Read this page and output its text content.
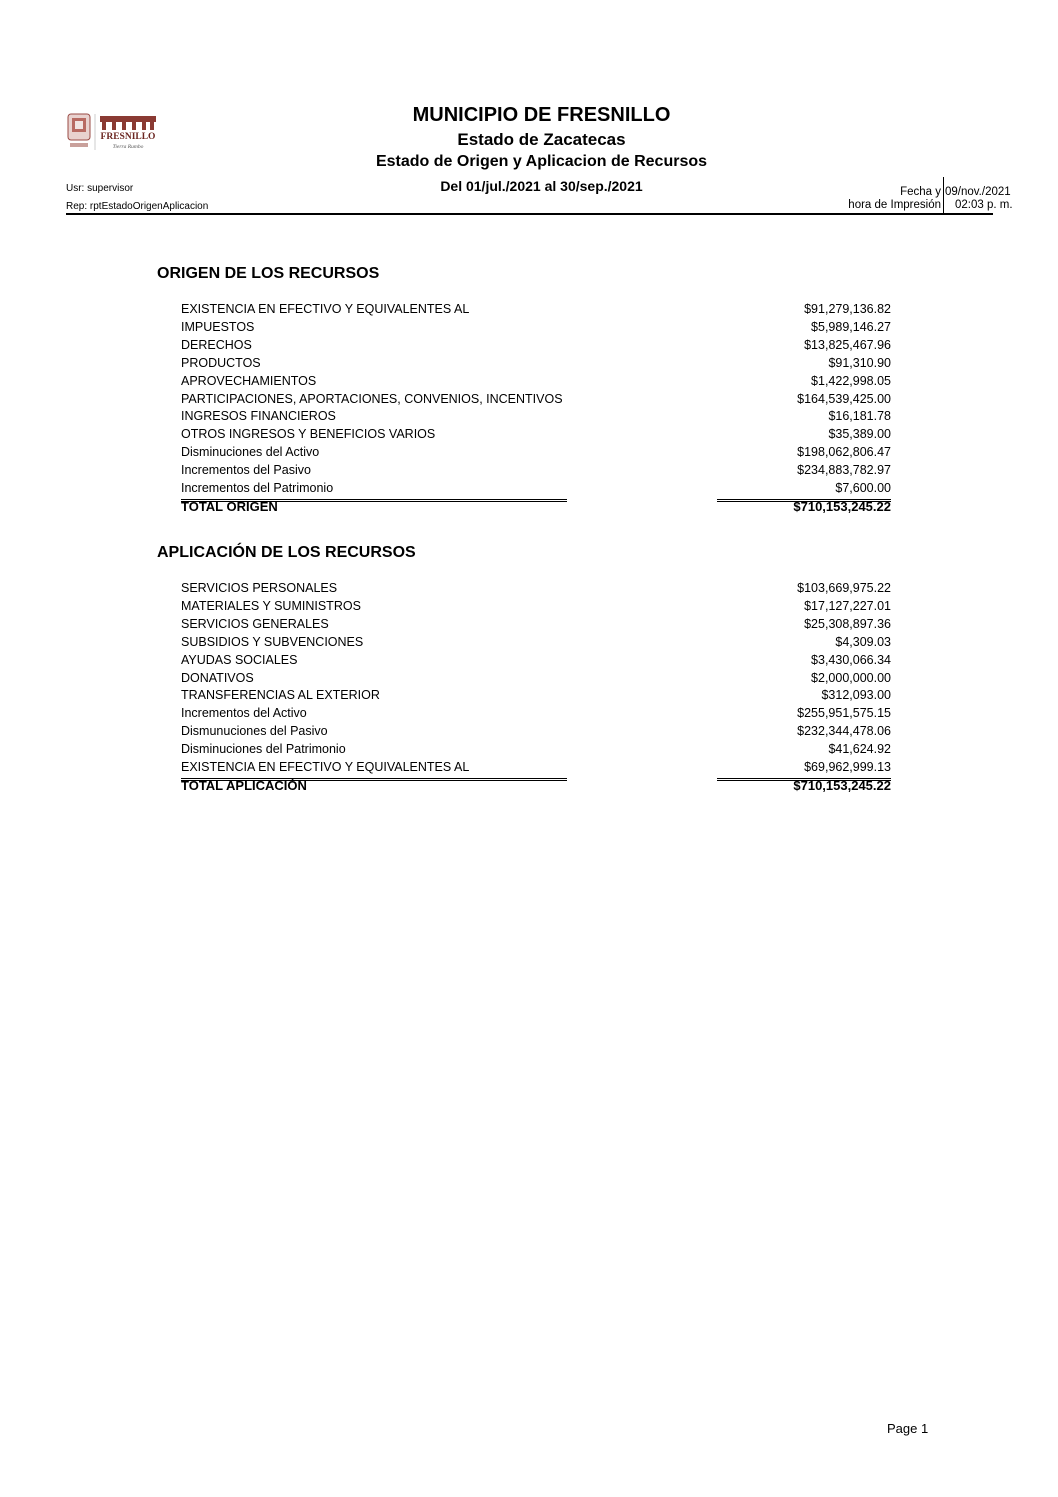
FRESNILLO
Tierra Rumbo
MUNICIPIO DE FRESNILLO
Estado de Zacatecas
Estado de Origen y Aplicacion de Recursos
Del 01/jul./2021 al 30/sep./2021
Usr: supervisor
Rep: rptEstadoOrigenAplicacion
Fecha y
hora de Impresión
09/nov./2021
02:03 p. m.
ORIGEN DE LOS RECURSOS
EXISTENCIA EN EFECTIVO Y EQUIVALENTES AL	$91,279,136.82
IMPUESTOS	$5,989,146.27
DERECHOS	$13,825,467.96
PRODUCTOS	$91,310.90
APROVECHAMIENTOS	$1,422,998.05
PARTICIPACIONES, APORTACIONES, CONVENIOS, INCENTIVOS	$164,539,425.00
INGRESOS FINANCIEROS	$16,181.78
OTROS INGRESOS Y BENEFICIOS VARIOS	$35,389.00
Disminuciones del Activo	$198,062,806.47
Incrementos del Pasivo	$234,883,782.97
Incrementos del Patrimonio	$7,600.00
TOTAL ORIGEN	$710,153,245.22
APLICACIÓN DE LOS RECURSOS
SERVICIOS PERSONALES	$103,669,975.22
MATERIALES Y SUMINISTROS	$17,127,227.01
SERVICIOS GENERALES	$25,308,897.36
SUBSIDIOS Y SUBVENCIONES	$4,309.03
AYUDAS SOCIALES	$3,430,066.34
DONATIVOS	$2,000,000.00
TRANSFERENCIAS AL EXTERIOR	$312,093.00
Incrementos del Activo	$255,951,575.15
Dismunuciones del Pasivo	$232,344,478.06
Disminuciones del Patrimonio	$41,624.92
EXISTENCIA EN EFECTIVO Y EQUIVALENTES AL	$69,962,999.13
TOTAL APLICACIÓN	$710,153,245.22
Page 1
